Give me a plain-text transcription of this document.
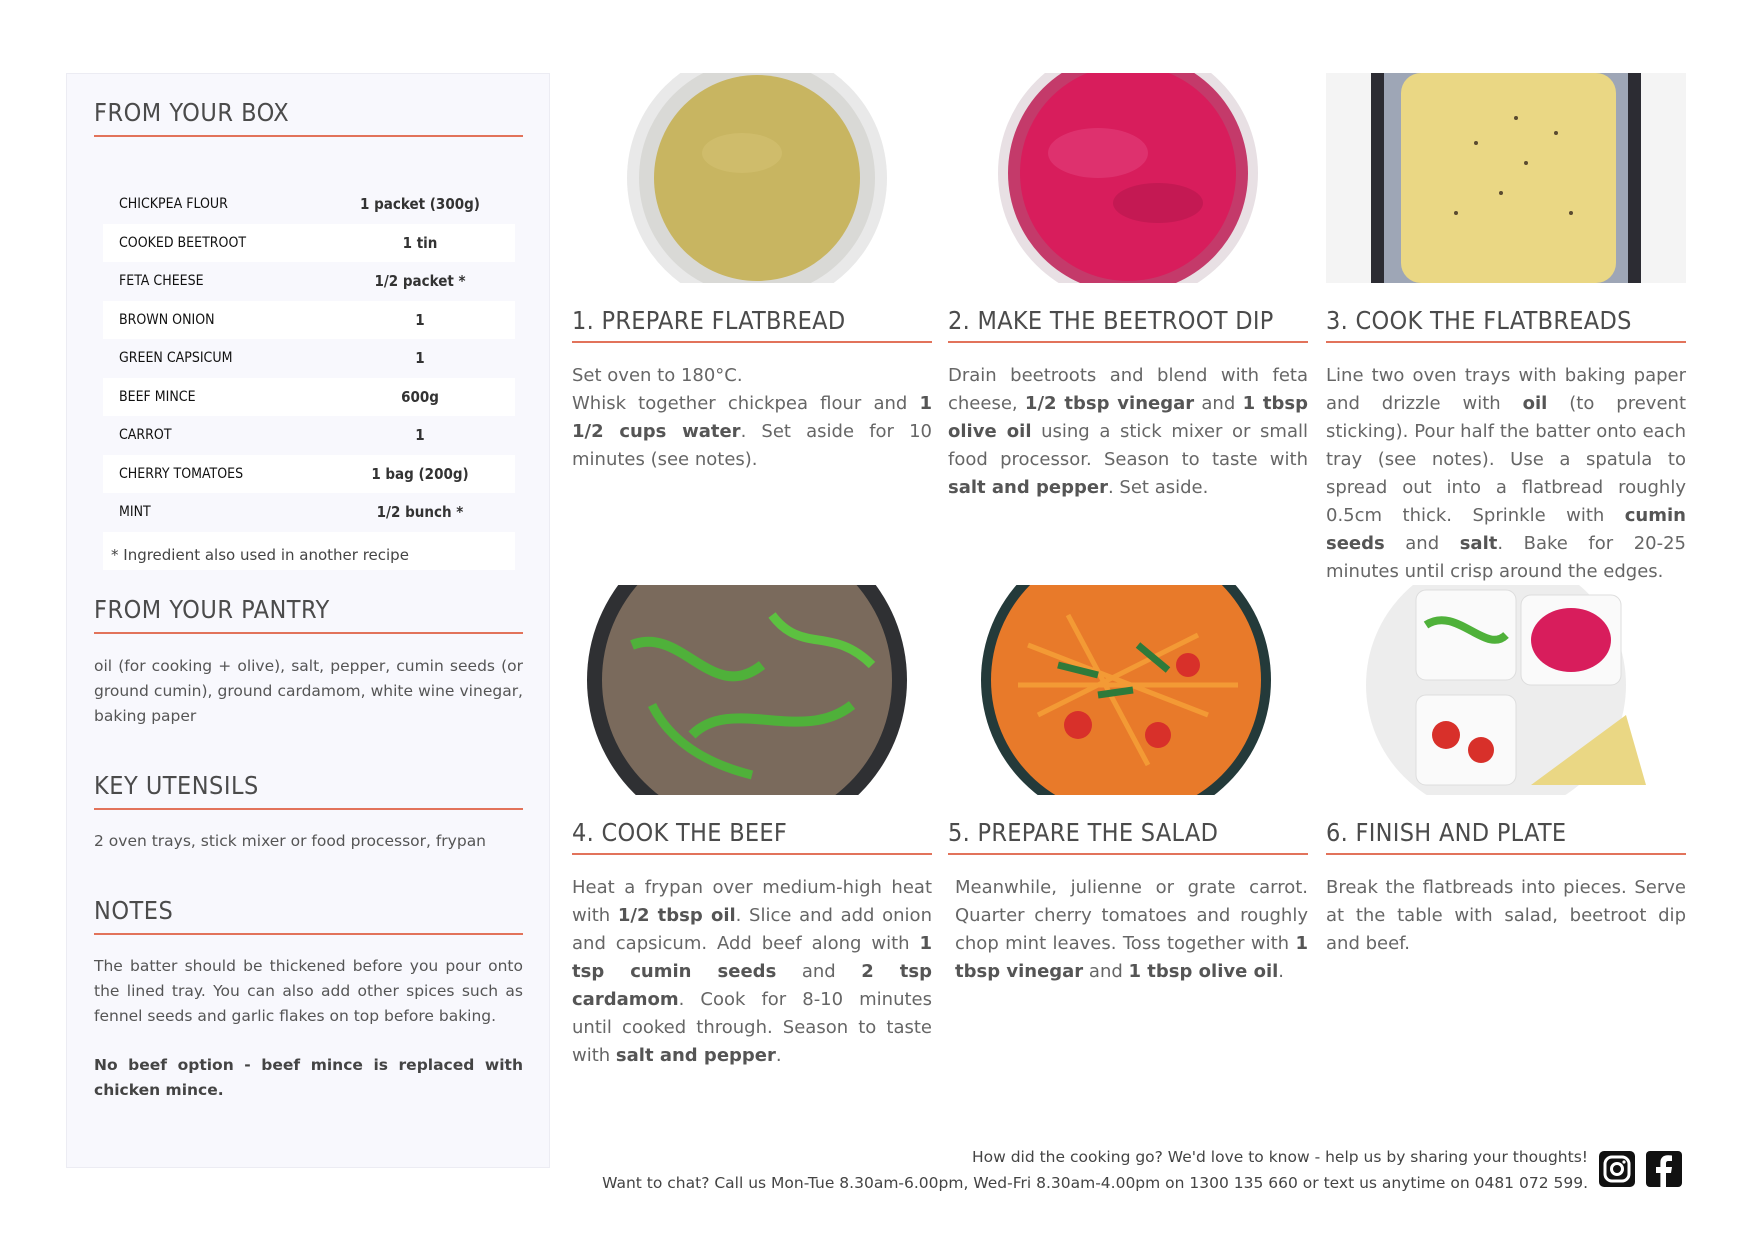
FROM YOUR BOX
CHICKPEA FLOUR	1 packet (300g)
COOKED BEETROOT	1 tin
FETA CHEESE	1/2 packet *
BROWN ONION	1
GREEN CAPSICUM	1
BEEF MINCE	600g
CARROT	1
CHERRY TOMATOES	1 bag (200g)
MINT	1/2 bunch *
* Ingredient also used in another recipe
FROM YOUR PANTRY
oil (for cooking + olive), salt, pepper, cumin seeds (or ground cumin), ground cardamom, white wine vinegar, baking paper
KEY UTENSILS
2 oven trays, stick mixer or food processor, frypan
NOTES
The batter should be thickened before you pour onto the lined tray. You can also add other spices such as fennel seeds and garlic flakes on top before baking.
No beef option - beef mince is replaced with chicken mince.
1. PREPARE FLATBREAD	2. MAKE THE BEETROOT DIP	3. COOK THE FLATBREADS
4. COOK THE BEEF	5. PREPARE THE SALAD	6. FINISH AND PLATE
Set oven to 180°C.
Whisk together chickpea flour and 1 1/2 cups water. Set aside for 10 minutes (see notes).
Drain beetroots and blend with feta cheese, 1/2 tbsp vinegar and 1 tbsp olive oil using a stick mixer or small food processor. Season to taste with salt and pepper. Set aside.
Line two oven trays with baking paper and drizzle with oil (to prevent sticking). Pour half the batter onto each tray (see notes). Use a spatula to spread out into a flatbread roughly 0.5cm thick. Sprinkle with cumin seeds and salt. Bake for 20-25 minutes until crisp around the edges.
Heat a frypan over medium-high heat with 1/2 tbsp oil. Slice and add onion and capsicum. Add beef along with 1 tsp cumin seeds and 2 tsp cardamom. Cook for 8-10 minutes until cooked through. Season to taste with salt and pepper.
Meanwhile, julienne or grate carrot. Quarter cherry tomatoes and roughly chop mint leaves. Toss together with 1 tbsp vinegar and 1 tbsp olive oil.
Break the flatbreads into pieces. Serve at the table with salad, beetroot dip and beef.
How did the cooking go? We'd love to know - help us by sharing your thoughts!
Want to chat? Call us Mon-Tue 8.30am-6.00pm, Wed-Fri 8.30am-4.00pm on 1300 135 660 or text us anytime on 0481 072 599.
